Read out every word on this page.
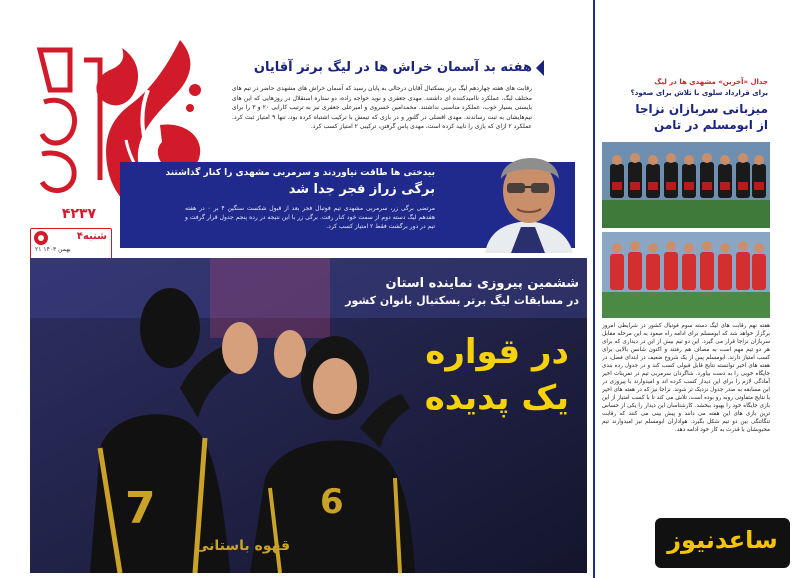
۴۲۳۷
۴شنبه
۲۱ بهمن ۱۴۰۳
هفته بد آسمان خراش ها در لیگ برتر آقایان
رقابت های هفته چهاردهم لیگ برتر بسکتبال آقایان درحالی به پایان رسید که آسمان خراش های مشهدی حاضر در تیم های مختلف لیگ، عملکرد ناامیدکننده ای داشتند. مهدی جعفری و نوید خواجه زاده، دو ستاره استقلال در روزهایی که این های بایستی بسیار خوب، عملکرد مناسبی نداشتند. محمدامین خسروی و امیرعلی جعفری نیز به ترتیب کارایی ۲۰ و ۳ را برای تیم‌هایشان به ثبت رساندند. مهدی افضلی در گلنور و در بازی که تیمش با ترکیب اشتباه کرده بود، تنها ۹ امتیاز ثبت کرد. عملکرد ۲ ازای که بازی را تایید کرده است، مهدی پاس گرفتن، ترکیبی ۲ امتیاز کسب کرد.
بیدختی ها طاقت نیاوردند و سرمربی مشهدی را کنار گذاشتند
برگی زراز فجر جدا شد
مرتضی برگی زر، سرمربی مشهدی تیم فوتبال فجر بعد از قبول شکست سنگین ۴ بر ۰ در هفته هفدهم لیگ دسته دوم از سمت خود کنار رفت. برگی زر با این نتیجه در رده پنجم جدول قرار گرفت و تیم در دور برگشت فقط ۲ امتیاز کسب کرد.
7	6
قهوه باستانی
ششمین پیروزی نماینده استان
در مسابقات لیگ برتر بسکتبال بانوان کشور
در قواره
یک پدیده
جدال «آخرین» مشهدی ها در لیگ
برای قرارداد سلوی با تلاش برای صعود؟
میزبانی سربازان نزاجا
از ابومسلم در تامن
هفته نهم رقابت های لیگ دسته سوم فوتبال کشور در شرایطی امروز برگزار خواهد شد که ابومسلم برای ادامه راه صعود به این مرحله مقابل سربازان نزاجا قرار می گیرد. این دو تیم بیش از این در دیداری که برای هر دو تیم مهم است به مصاف هم رفتند و اکنون شانس بالایی برای کسب امتیاز دارند. ابومسلم پس از یک شروع ضعیف در ابتدای فصل، در هفته های اخیر توانسته نتایج قابل قبولی کسب کند و در جدول رده بندی جایگاه خوبی را به دست بیاورد. شاگردان سرمربی تیم در تمرینات اخیر آمادگی لازم را برای این دیدار کسب کرده اند و امیدوارند با پیروزی در این مسابقه به صدر جدول نزدیک تر شوند. نزاجا نیز که در هفته های اخیر با نتایج متفاوتی روبه رو بوده است، تلاش می کند تا با کسب امتیاز از این بازی جایگاه خود را بهبود ببخشد. کارشناسان این دیدار را یکی از حساس ترین بازی های این هفته می دانند و پیش بینی می کنند که رقابت تنگاتنگی بین دو تیم شکل بگیرد. هواداران ابومسلم نیز امیدوارند تیم محبوبشان با قدرت به کار خود ادامه دهد.
ساعدنیوز
